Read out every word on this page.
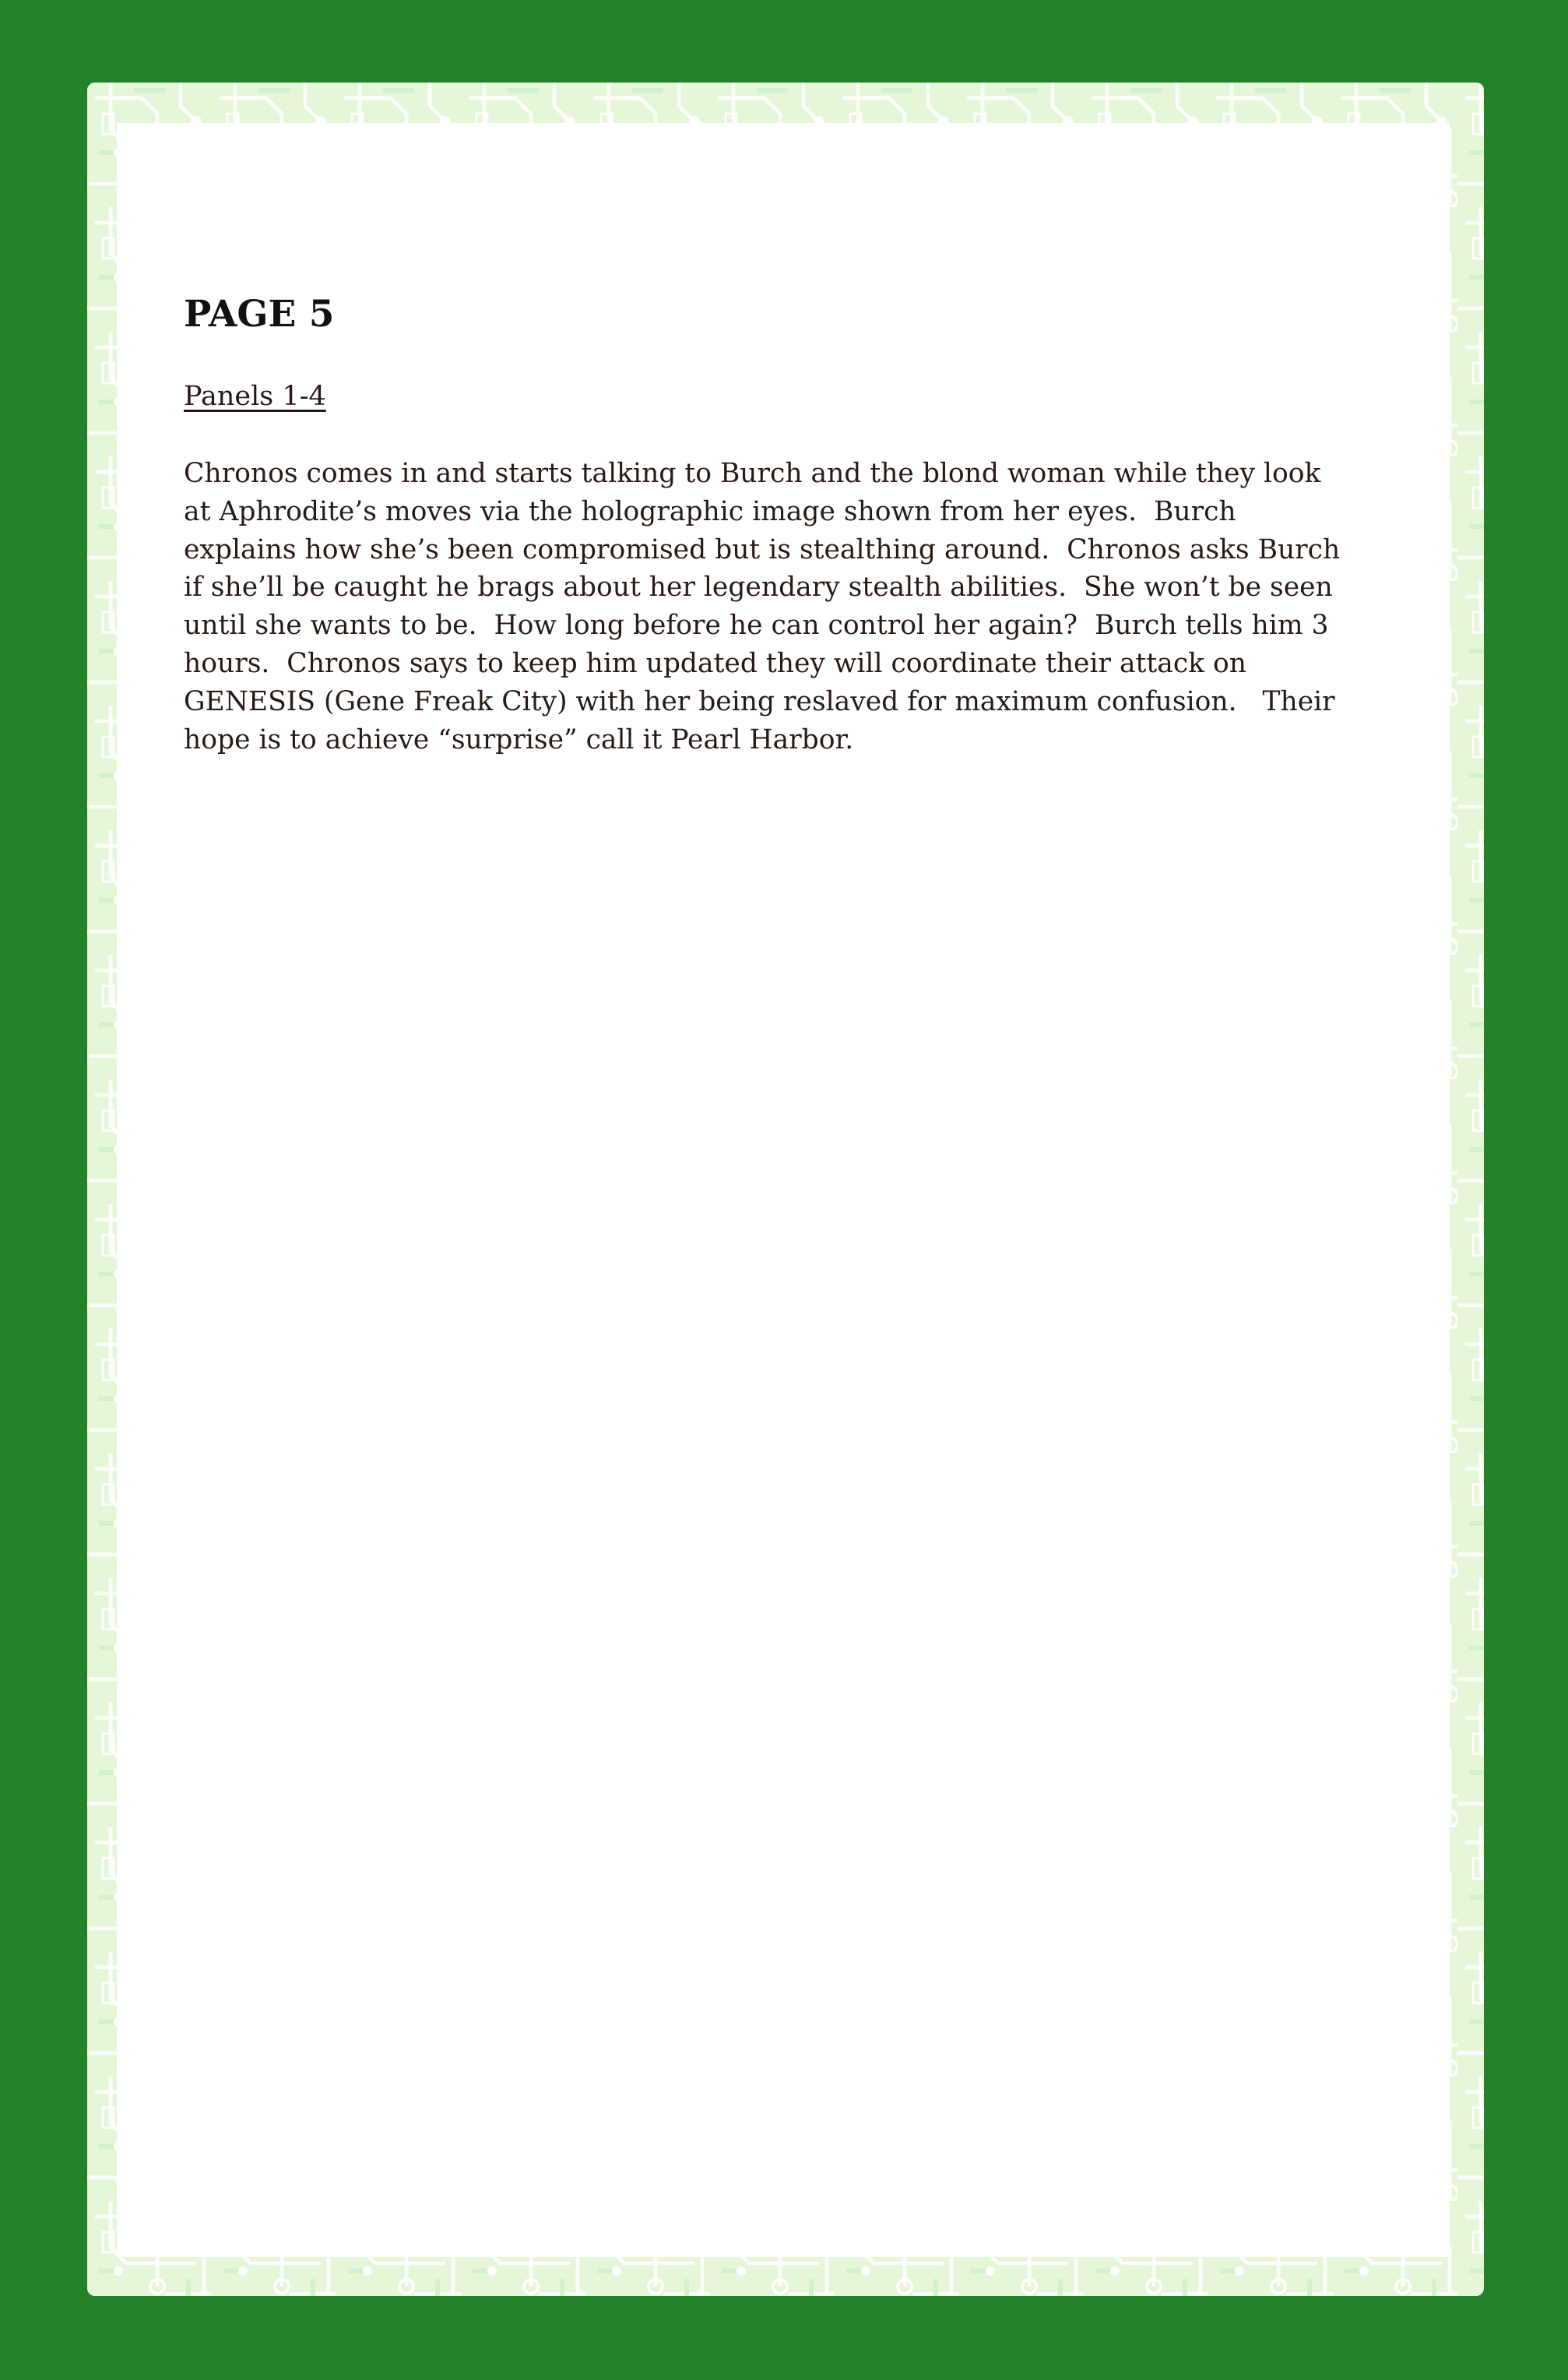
PAGE 5

Panels 1-4

Chronos comes in and starts talking to Burch and the blond woman while they look
at Aphrodite’s moves via the holographic image shown from her eyes.  Burch
explains how she’s been compromised but is stealthing around.  Chronos asks Burch
if she’ll be caught he brags about her legendary stealth abilities.  She won’t be seen
until she wants to be.  How long before he can control her again?  Burch tells him 3
hours.  Chronos says to keep him updated they will coordinate their attack on
GENESIS (Gene Freak City) with her being reslaved for maximum confusion.   Their
hope is to achieve “surprise” call it Pearl Harbor.
